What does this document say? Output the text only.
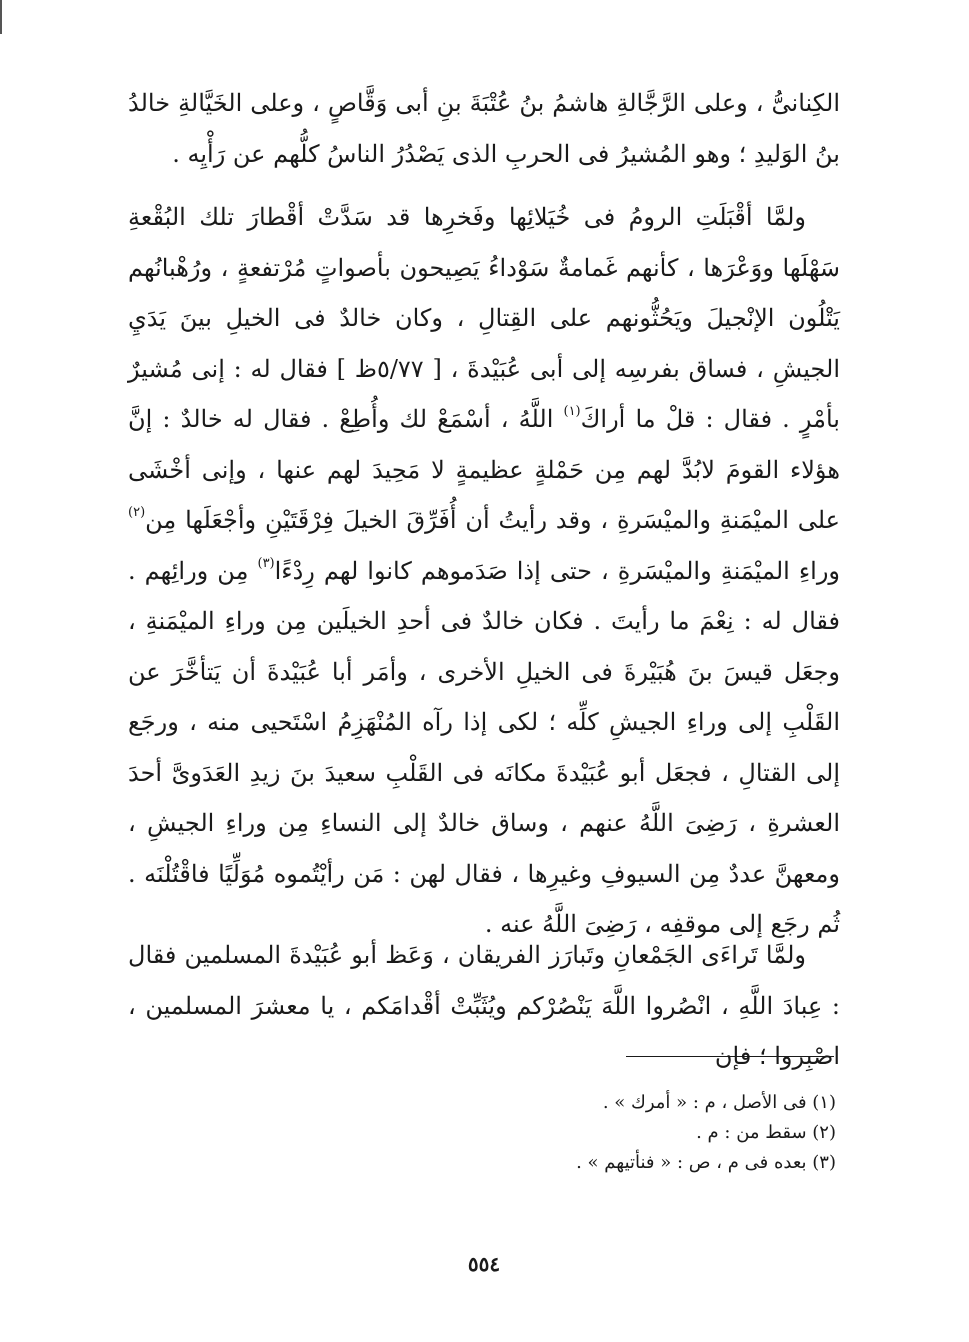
الكِنانىُّ ، وعلى الرَّجَّالةِ هاشمُ بنُ عُتْبَةَ بنِ أبى وَقَّاصٍ ، وعلى الخَيَّالةِ خالدُ بنُ الوَليدِ ؛ وهو المُشيرُ فى الحربِ الذى يَصْدُرُ الناسُ كلُّهم عن رَأْيِه .

ولمَّا أقْبَلَتِ الرومُ فى خُيَلائِها وفَخرِها قد سَدَّتْ أقْطارَ تلك البُقْعةِ سَهْلَها ووَعْرَها ، كأنهم غَمامةٌ سَوْداءُ يَصِيحون بأصواتٍ مُرْتفعةٍ ، ورُهْبانُهم يَتْلُون الإنْجيلَ ويَحُثُّونهم على القِتالِ ، وكان خالدٌ فى الخيلِ بينَ يَدَيِ الجيشِ ، فساق بفرسِه إلى أبى عُبَيْدةَ ، [ ٥/٧٧ظ ] فقال له : إنى مُشيرٌ بأمْرٍ . فقال : قلْ ما أراكَ$^{(١)}$ اللَّهُ ، أسْمَعْ لك وأُطِعْ . فقال له خالدٌ : إنَّ هؤلاء القومَ لابُدَّ لهم مِن حَمْلةٍ عظيمةٍ لا مَحِيدَ لهم عنها ، وإنى أخْشَى على الميْمَنةِ والميْسَرةِ ، وقد رأيتُ أن أُفَرِّقَ الخيلَ فِرْقَتَيْنِ وأجْعَلَها مِن$^{(٢)}$ وراءِ الميْمَنةِ والميْسَرةِ ، حتى إذا صَدَموهم كانوا لهم رِدْءًا$^{(٣)}$ مِن ورائِهم . فقال له : نِعْمَ ما رأيتَ . فكان خالدٌ فى أحدِ الخيلَين مِن وراءِ الميْمَنةِ ، وجعَل قيسَ بنَ هُبَيْرةَ فى الخيلِ الأخرى ، وأمَر أبا عُبَيْدةَ أن يَتأخَّرَ عن القَلْبِ إلى وراءِ الجيشِ كلِّه ؛ لكى إذا رآه المُنْهَزِمُ اسْتَحيى منه ، ورجَع إلى القتالِ ، فجعَل أبو عُبَيْدةَ مكانَه فى القَلْبِ سعيدَ بنَ زيدِ العَدَوىَّ أحدَ العشرةِ ، رَضِىَ اللَّهُ عنهم ، وساق خالدٌ إلى النساءِ مِن وراءِ الجيشِ ، ومعهنَّ عددٌ مِن السيوفِ وغيرِها ، فقال لهن : مَن رأيْتُموه مُوَلِّيًا فاقْتُلْنَه . ثُم رجَع إلى موقفِه ، رَضِىَ اللَّهُ عنه .

ولمَّا تَراءَى الجَمْعانِ وتَبارَز الفريقان ، وَعَظ أبو عُبَيْدةَ المسلمين فقال : عِبادَ اللَّهِ ، انْصُروا اللَّهَ يَنْصُرْكم ويُثَبِّتْ أقْدامَكم ، يا معشرَ المسلمين ، اصْبِروا ؛ فإن

(١) فى الأصل ، م : « أمرك » .

(٢) سقط من : م .

(٣) بعده فى م ، ص : « فنأتيهم » .

٥٥٤
